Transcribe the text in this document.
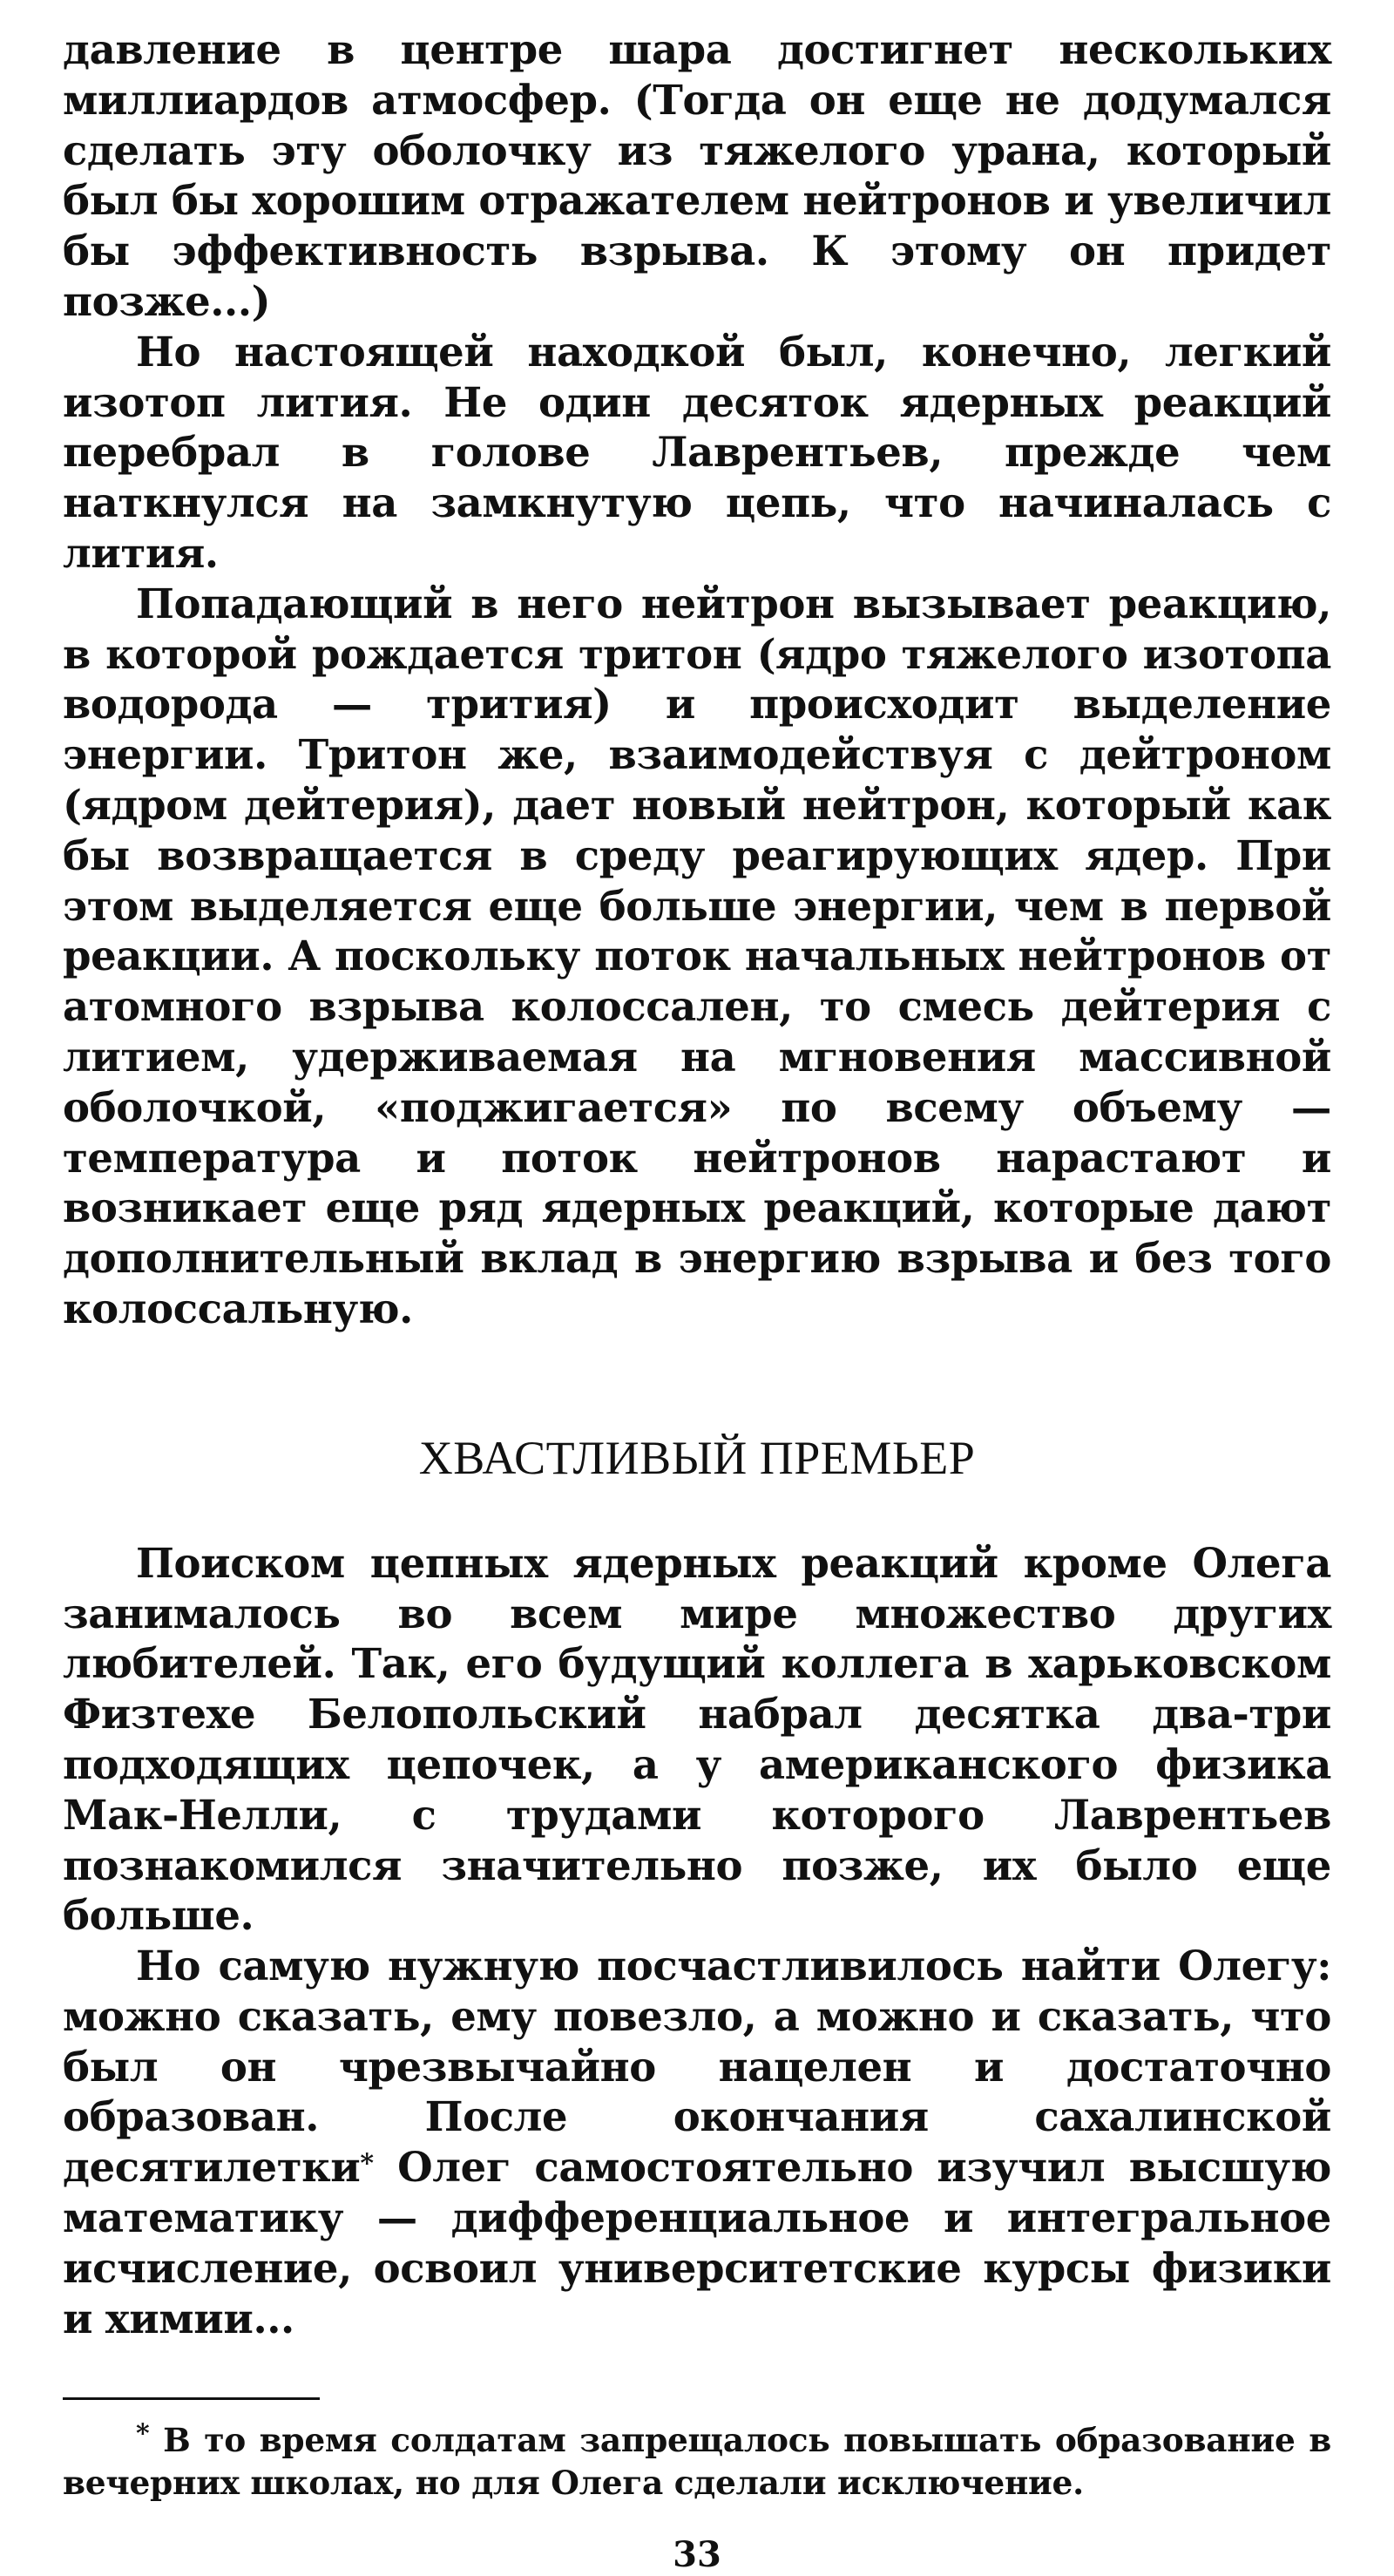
давление в центре шара достигнет нескольких миллиардов атмосфер. (Тогда он еще не додумался сделать эту оболочку из тяжелого урана, который был бы хорошим отражателем нейтронов и увеличил бы эффективность взрыва. К этому он придет позже...)

Но настоящей находкой был, конечно, легкий изотоп лития. Не один десяток ядерных реакций перебрал в голове Лаврентьев, прежде чем наткнулся на замкнутую цепь, что начиналась с лития.

Попадающий в него нейтрон вызывает реакцию, в которой рождается тритон (ядро тяжелого изотопа водорода — трития) и происходит выделение энергии. Тритон же, взаимодействуя с дейтроном (ядром дейтерия), дает новый нейтрон, который как бы возвращается в среду реагирующих ядер. При этом выделяется еще больше энергии, чем в первой реакции. А поскольку поток начальных нейтронов от атомного взрыва колоссален, то смесь дейтерия с литием, удерживаемая на мгновения массивной оболочкой, «поджигается» по всему объему — температура и поток нейтронов нарастают и возникает еще ряд ядерных реакций, которые дают дополнительный вклад в энергию взрыва и без того колоссальную.

ХВАСТЛИВЫЙ ПРЕМЬЕР

Поиском цепных ядерных реакций кроме Олега занималось во всем мире множество других любителей. Так, его будущий коллега в харьковском Физтехе Белопольский набрал десятка два-три подходящих цепочек, а у американского физика Мак-Нелли, с трудами которого Лаврентьев познакомился значительно позже, их было еще больше.

Но самую нужную посчастливилось найти Олегу: можно сказать, ему повезло, а можно и сказать, что был он чрезвычайно нацелен и достаточно образован. После окончания сахалинской десятилетки* Олег самостоятельно изучил высшую математику — дифференциальное и интегральное исчисление, освоил университетские курсы физики и химии...

* В то время солдатам запрещалось повышать образование в вечерних школах, но для Олега сделали исключение.

33
